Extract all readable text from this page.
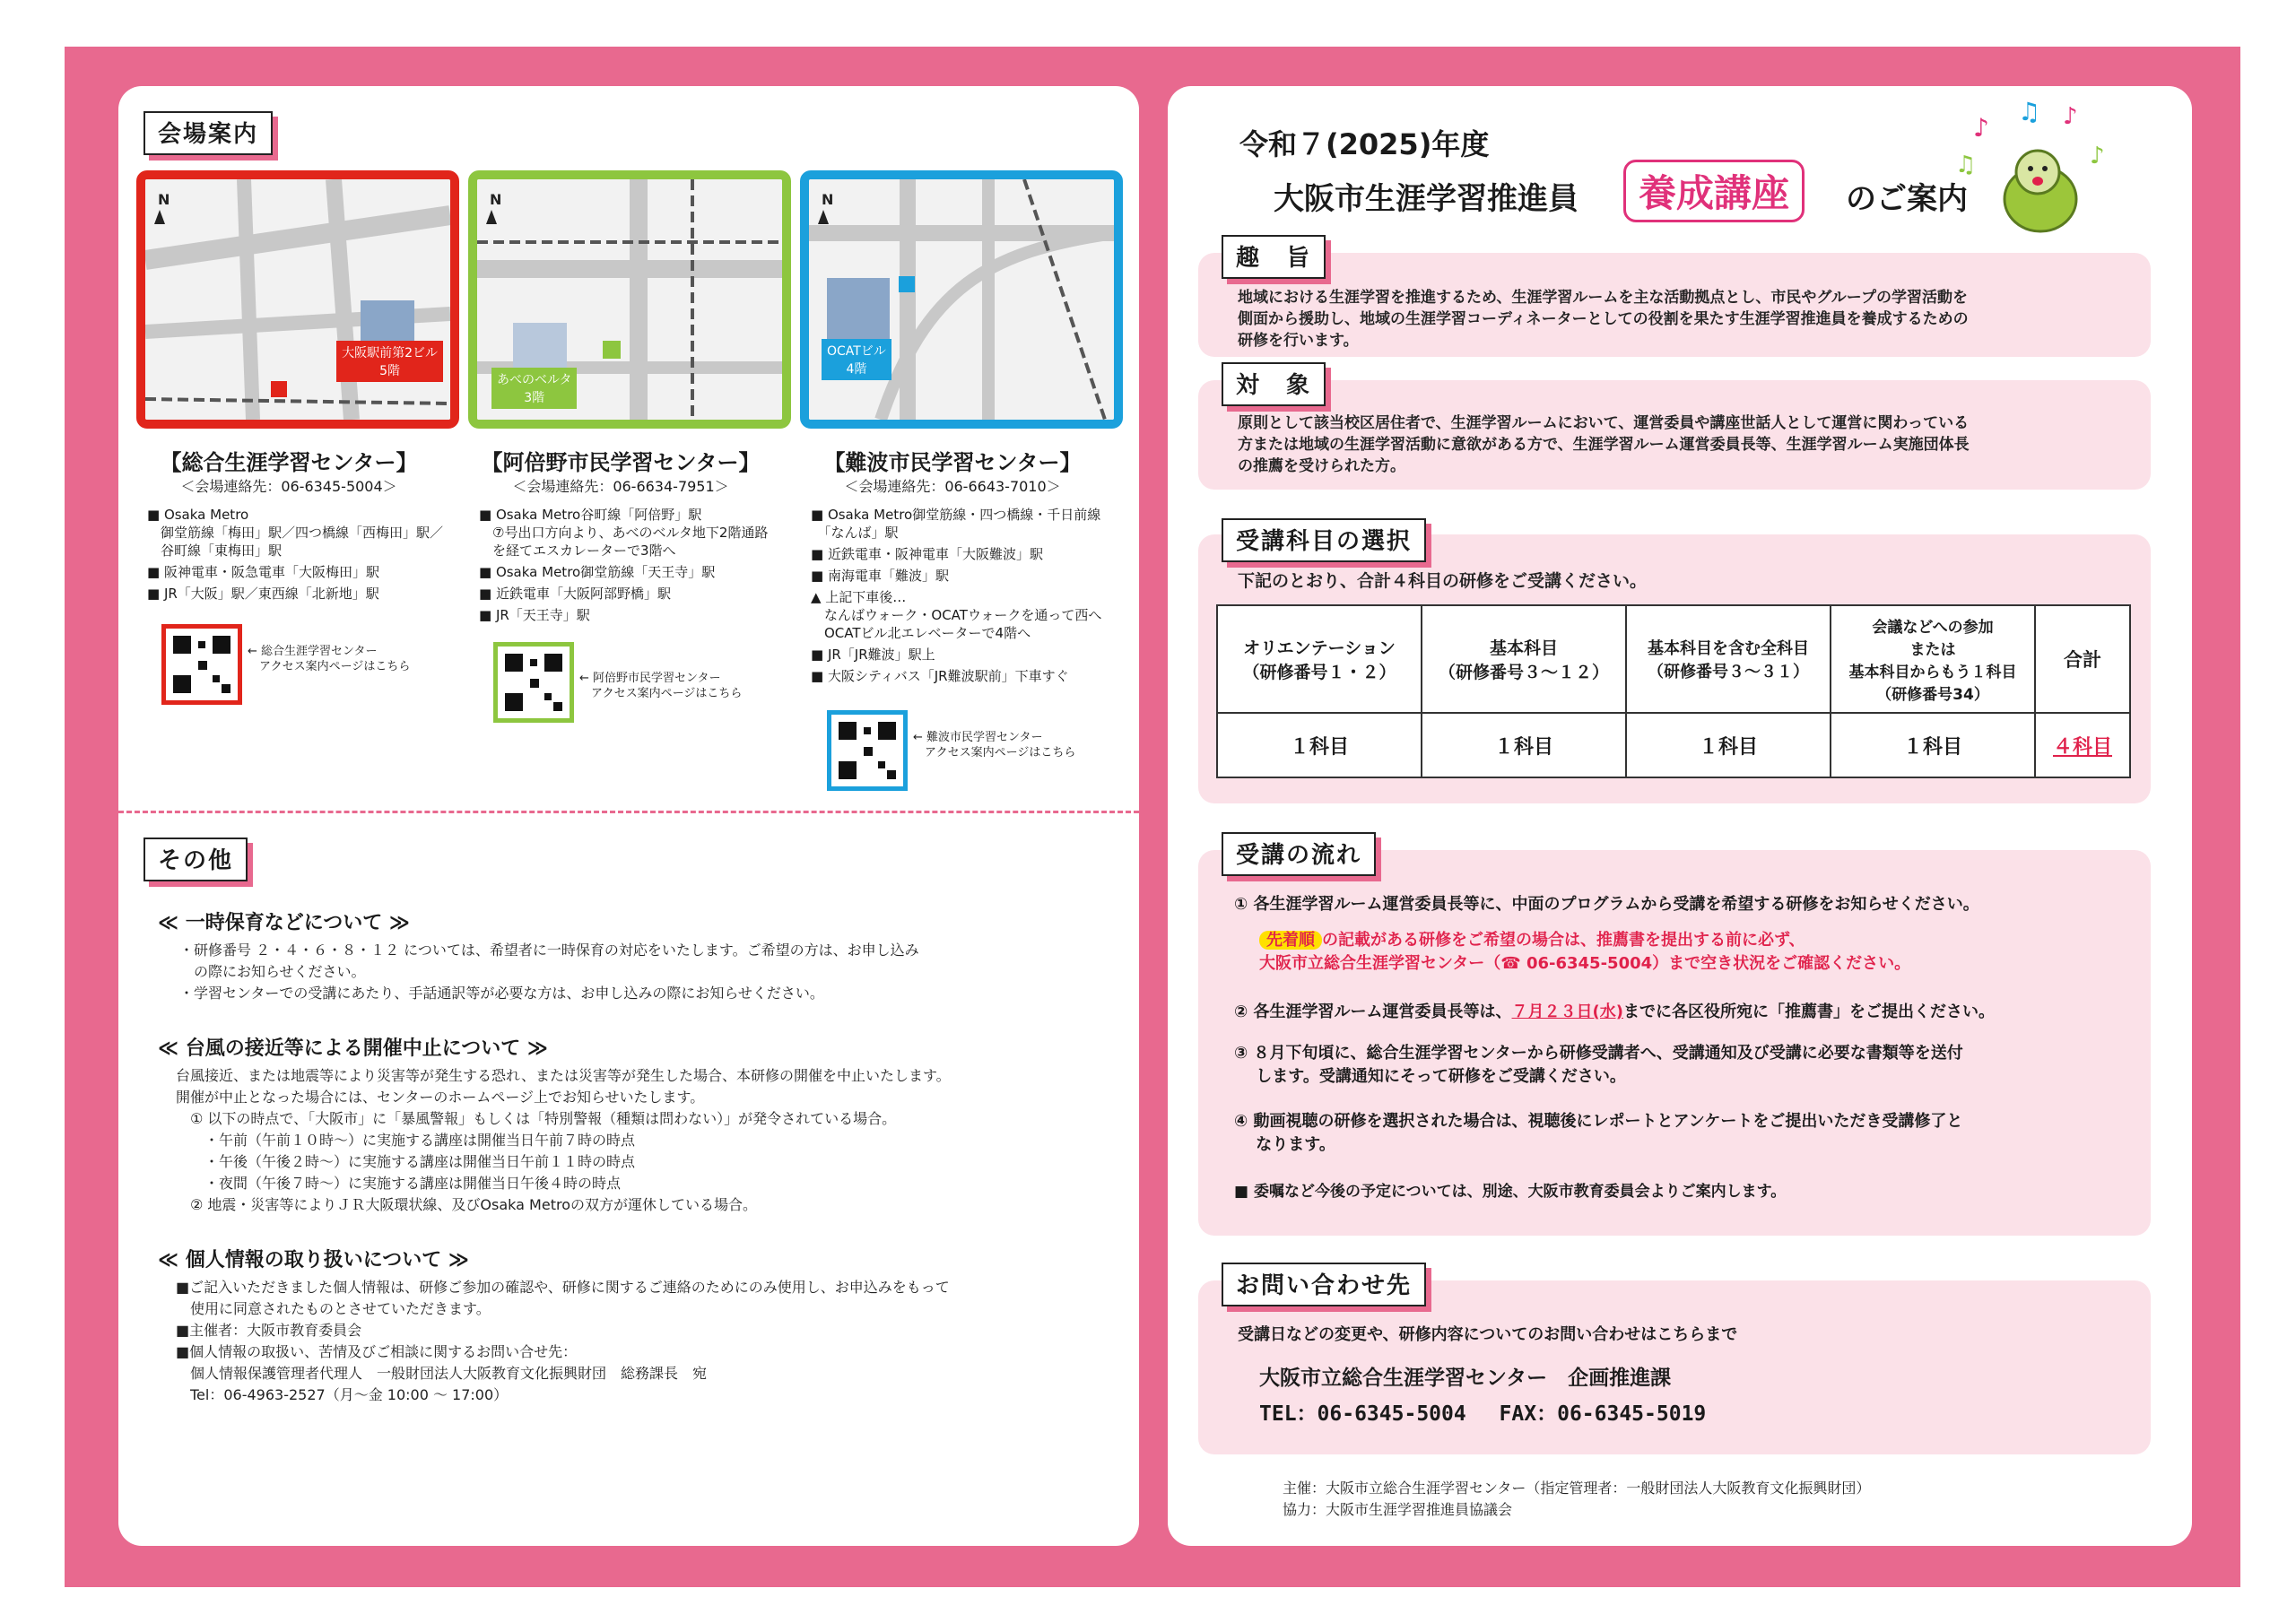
会場案内
N
大阪駅前第2ビル
5階
【総合生涯学習センター】
＜会場連絡先：06-6345-5004＞
■ Osaka Metro
　御堂筋線「梅田」駅／四つ橋線「西梅田」駅／
　谷町線「東梅田」駅
■ 阪神電車・阪急電車「大阪梅田」駅
■ JR「大阪」駅／東西線「北新地」駅
← 総合生涯学習センター
　アクセス案内ページはこちら
N
あべのベルタ
3階
【阿倍野市民学習センター】
＜会場連絡先：06-6634-7951＞
■ Osaka Metro谷町線「阿倍野」駅
　⑦号出口方向より、あべのベルタ地下2階通路
　を経てエスカレーターで3階へ
■ Osaka Metro御堂筋線「天王寺」駅
■ 近鉄電車「大阪阿部野橋」駅
■ JR「天王寺」駅
← 阿倍野市民学習センター
　アクセス案内ページはこちら
N
OCATビル
4階
【難波市民学習センター】
＜会場連絡先：06-6643-7010＞
■ Osaka Metro御堂筋線・四つ橋線・千日前線
　「なんば」駅
■ 近鉄電車・阪神電車「大阪難波」駅
■ 南海電車「難波」駅
▲ 上記下車後…
　なんばウォーク・OCATウォークを通って西へ
　OCATビル北エレベーターで4階へ
■ JR「JR難波」駅上
■ 大阪シティバス「JR難波駅前」下車すぐ
← 難波市民学習センター
　アクセス案内ページはこちら
その他
≪ 一時保育などについて ≫
・研修番号 ２・４・６・８・１２ については、希望者に一時保育の対応をいたします。ご希望の方は、お申し込み
　の際にお知らせください。
・学習センターでの受講にあたり、手話通訳等が必要な方は、お申し込みの際にお知らせください。
≪ 台風の接近等による開催中止について ≫
台風接近、または地震等により災害等が発生する恐れ、または災害等が発生した場合、本研修の開催を中止いたします。
開催が中止となった場合には、センターのホームページ上でお知らせいたします。
　① 以下の時点で、「大阪市」に「暴風警報」もしくは「特別警報（種類は問わない）」が発令されている場合。
　　・午前（午前１０時～）に実施する講座は開催当日午前７時の時点
　　・午後（午後２時～）に実施する講座は開催当日午前１１時の時点
　　・夜間（午後７時～）に実施する講座は開催当日午後４時の時点
　② 地震・災害等によりＪＲ大阪環状線、及びOsaka Metroの双方が運休している場合。
≪ 個人情報の取り扱いについて ≫
■ご記入いただきました個人情報は、研修ご参加の確認や、研修に関するご連絡のためにのみ使用し、お申込みをもって
　使用に同意されたものとさせていただきます。
■主催者：大阪市教育委員会
■個人情報の取扱い、苦情及びご相談に関するお問い合せ先：
　個人情報保護管理者代理人　一般財団法人大阪教育文化振興財団　総務課長　宛
　Tel：06-4963-2527（月～金 10:00 ～ 17:00）
令和７(2025)年度
大阪市生涯学習推進員	養成講座	のご案内
♪
♫ ♪
♫	♪
趣　旨
地域における生涯学習を推進するため、生涯学習ルームを主な活動拠点とし、市民やグループの学習活動を
側面から援助し、地域の生涯学習コーディネーターとしての役割を果たす生涯学習推進員を養成するための
研修を行います。
対　象
原則として該当校区居住者で、生涯学習ルームにおいて、運営委員や講座世話人として運営に関わっている
方または地域の生涯学習活動に意欲がある方で、生涯学習ルーム運営委員長等、生涯学習ルーム実施団体長
の推薦を受けられた方。
受講科目の選択
下記のとおり、合計４科目の研修をご受講ください。
オリエンテーション
（研修番号１・２）	基本科目
（研修番号３～１２）	基本科目を含む全科目
（研修番号３～３１）	会議などへの参加
または
基本科目からもう１科目
（研修番号34）	合計
１科目	１科目	１科目	１科目	４科目
受講の流れ
① 各生涯学習ルーム運営委員長等に、中面のプログラムから受講を希望する研修をお知らせください。
先着順 の記載がある研修をご希望の場合は、推薦書を提出する前に必ず、
大阪市立総合生涯学習センター（☎ 06-6345-5004）まで空き状況をご確認ください。
② 各生涯学習ルーム運営委員長等は、７月２３日(水)までに各区役所宛に「推薦書」をご提出ください。
③ ８月下旬頃に、総合生涯学習センターから研修受講者へ、受講通知及び受講に必要な書類等を送付
　 します。受講通知にそって研修をご受講ください。
④ 動画視聴の研修を選択された場合は、視聴後にレポートとアンケートをご提出いただき受講修了と
　 なります。
■ 委嘱など今後の予定については、別途、大阪市教育委員会よりご案内します。
お問い合わせ先
受講日などの変更や、研修内容についてのお問い合わせはこちらまで
大阪市立総合生涯学習センター　企画推進課
TEL：06-6345-5004　 FAX：06-6345-5019
主催：大阪市立総合生涯学習センター（指定管理者：一般財団法人大阪教育文化振興財団）
協力：大阪市生涯学習推進員協議会
